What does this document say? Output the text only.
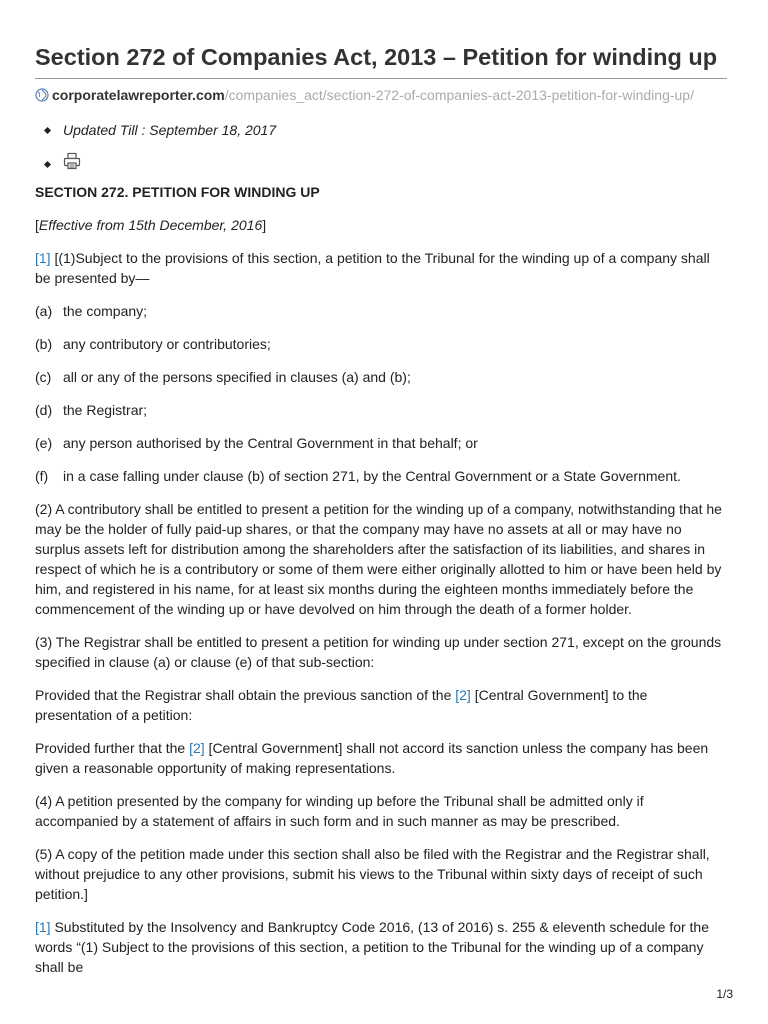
Section 272 of Companies Act, 2013 – Petition for winding up
corporatelawreporter.com/companies_act/section-272-of-companies-act-2013-petition-for-winding-up/
Updated Till : September 18, 2017

SECTION 272. PETITION FOR WINDING UP

[Effective from 15th December, 2016]

[1] [(1)Subject to the provisions of this section, a petition to the Tribunal for the winding up of a company shall be presented by—

(a) the company;

(b) any contributory or contributories;

(c) all or any of the persons specified in clauses (a) and (b);

(d) the Registrar;

(e) any person authorised by the Central Government in that behalf; or

(f) in a case falling under clause (b) of section 271, by the Central Government or a State Government.

(2) A contributory shall be entitled to present a petition for the winding up of a company, notwithstanding that he may be the holder of fully paid-up shares, or that the company may have no assets at all or may have no surplus assets left for distribution among the shareholders after the satisfaction of its liabilities, and shares in respect of which he is a contributory or some of them were either originally allotted to him or have been held by him, and registered in his name, for at least six months during the eighteen months immediately before the commencement of the winding up or have devolved on him through the death of a former holder.

(3) The Registrar shall be entitled to present a petition for winding up under section 271, except on the grounds specified in clause (a) or clause (e) of that sub-section:

Provided that the Registrar shall obtain the previous sanction of the [2] [Central Government] to the presentation of a petition:

Provided further that the [2] [Central Government] shall not accord its sanction unless the company has been given a reasonable opportunity of making representations.

(4) A petition presented by the company for winding up before the Tribunal shall be admitted only if accompanied by a statement of affairs in such form and in such manner as may be prescribed.

(5) A copy of the petition made under this section shall also be filed with the Registrar and the Registrar shall, without prejudice to any other provisions, submit his views to the Tribunal within sixty days of receipt of such petition.]

[1] Substituted by the Insolvency and Bankruptcy Code 2016, (13 of 2016) s. 255 & eleventh schedule for the words “(1) Subject to the provisions of this section, a petition to the Tribunal for the winding up of a company shall be

1/3
